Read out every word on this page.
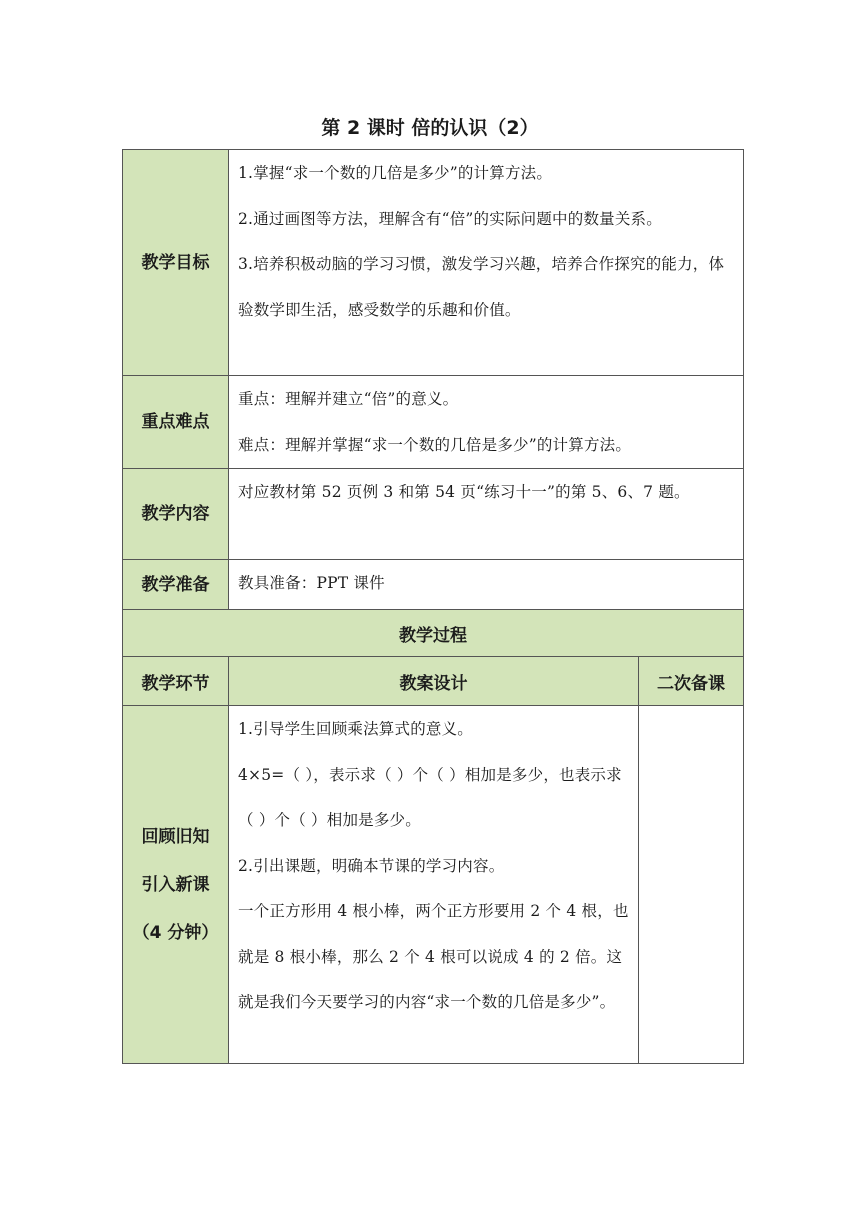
第 2 课时 倍的认识（2）
教学目标	1.掌握“求一个数的几倍是多少”的计算方法。
2.通过画图等方法，理解含有“倍”的实际问题中的数量关系。
3.培养积极动脑的学习习惯，激发学习兴趣，培养合作探究的能力，体验数学即生活，感受数学的乐趣和价值。	

重点难点	重点：理解并建立“倍”的意义。
难点：理解并掌握“求一个数的几倍是多少”的计算方法。	

教学内容	对应教材第 52 页例 3 和第 54 页“练习十一”的第 5、6、7 题。	

教学准备	教具准备：PPT 课件	

教学过程		
教学环节	教案设计	二次备课

回顾旧知
引入新课
（4 分钟）	1.引导学生回顾乘法算式的意义。
4×5=（ ），表示求（ ）个（ ）相加是多少，也表示求（ ）个（ ）相加是多少。
2.引出课题，明确本节课的学习内容。
一个正方形用 4 根小棒，两个正方形要用 2 个 4 根，也就是 8 根小棒，那么 2 个 4 根可以说成 4 的 2 倍。这就是我们今天要学习的内容“求一个数的几倍是多少”。	
